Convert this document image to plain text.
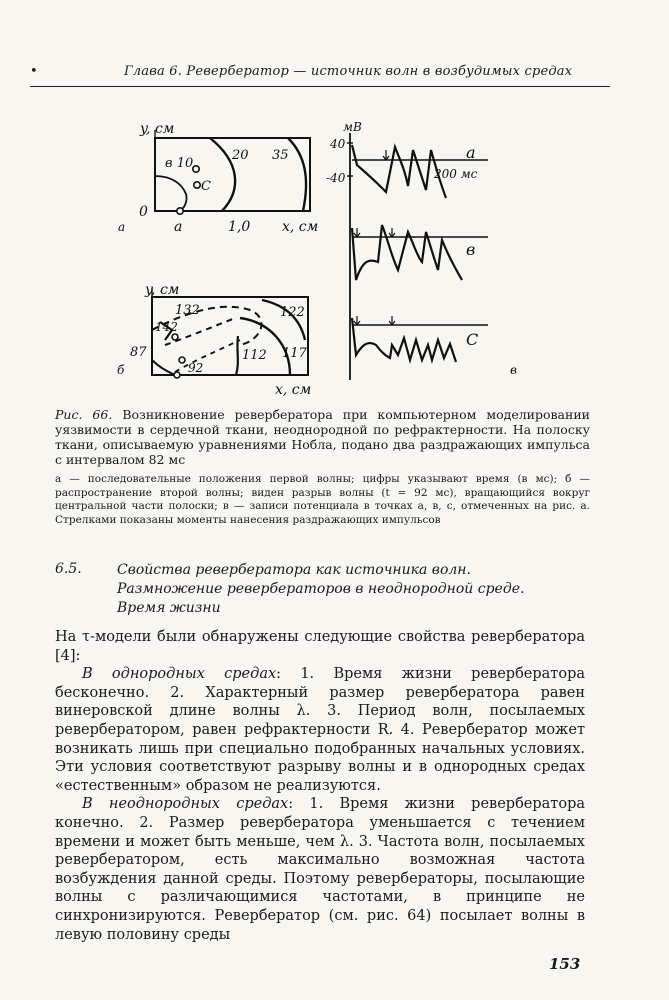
•	Глава 6. Ревербератор — источник волн в возбудимых средах
y, см
в 10
C
20 35
0
a	1,0 x, см
а
y, см
132	122
142
87	112 117
92
x, см
б
мВ
40
-40	200 мс
a
в
C
в
Рис. 66. Возникновение ревербератора при компьютерном моделировании уязвимости в сердечной ткани, неоднородной по рефрактерности. На полоску ткани, описываемую уравнениями Нобла, подано два раздражающих импульса с интервалом 82 мс
а — последовательные положения первой волны; цифры указывают время (в мс); б — распространение второй волны; виден разрыв волны (t = 92 мс), вращающийся вокруг центральной части полоски; в — записи потенциала в точках а, в, с, отмеченных на рис. а. Стрелками показаны моменты нанесения раздражающих импульсов
6.5.	Свойства ревербератора как источника волн.
Размножение ревербераторов в неоднородной среде.
Время жизни

На τ-модели были обнаружены следующие свойства ревербератора [4]:

В однородных средах: 1. Время жизни ревербератора бесконечно. 2. Характерный размер ревербератора равен винеровской длине волны λ. 3. Период волн, посылаемых ревербератором, равен рефрактерности R. 4. Ревербератор может возникать лишь при специально подобранных начальных условиях. Эти условия соответствуют разрыву волны и в однородных средах «естественным» образом не реализуются.

В неоднородных средах: 1. Время жизни ревербератора конечно. 2. Размер ревербератора уменьшается с течением времени и может быть меньше, чем λ. 3. Частота волн, посылаемых ревербератором, есть максимально возможная частота возбуждения данной среды. Поэтому ревербераторы, посылающие волны с различающимися частотами, в принципе не синхронизируются. Ревербератор (см. рис. 64) посылает волны в левую половину среды

153
